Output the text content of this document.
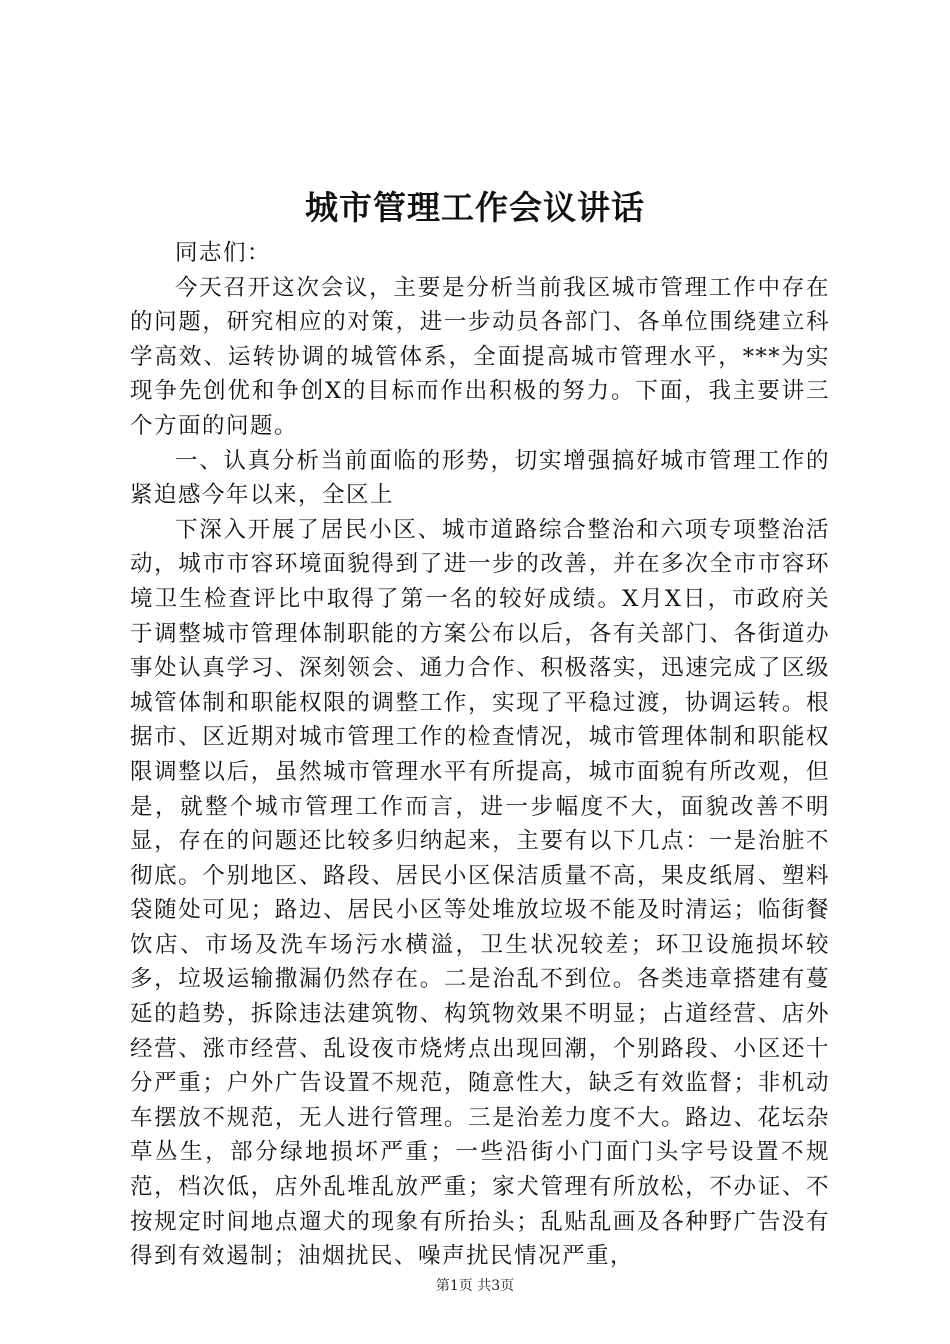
城市管理工作会议讲话

同志们：

今天召开这次会议，主要是分析当前我区城市管理工作中存在的问题，研究相应的对策，进一步动员各部门、各单位围绕建立科学高效、运转协调的城管体系，全面提高城市管理水平，***为实现争先创优和争创X的目标而作出积极的努力。下面，我主要讲三个方面的问题。

一、认真分析当前面临的形势，切实增强搞好城市管理工作的紧迫感今年以来，全区上

下深入开展了居民小区、城市道路综合整治和六项专项整治活动，城市市容环境面貌得到了进一步的改善，并在多次全市市容环境卫生检查评比中取得了第一名的较好成绩。X月X日，市政府关于调整城市管理体制职能的方案公布以后，各有关部门、各街道办事处认真学习、深刻领会、通力合作、积极落实，迅速完成了区级城管体制和职能权限的调整工作，实现了平稳过渡，协调运转。根据市、区近期对城市管理工作的检查情况，城市管理体制和职能权限调整以后，虽然城市管理水平有所提高，城市面貌有所改观，但是，就整个城市管理工作而言，进一步幅度不大，面貌改善不明显，存在的问题还比较多归纳起来，主要有以下几点：一是治脏不彻底。个别地区、路段、居民小区保洁质量不高，果皮纸屑、塑料袋随处可见；路边、居民小区等处堆放垃圾不能及时清运；临街餐饮店、市场及洗车场污水横溢，卫生状况较差；环卫设施损坏较多，垃圾运输撒漏仍然存在。二是治乱不到位。各类违章搭建有蔓延的趋势，拆除违法建筑物、构筑物效果不明显；占道经营、店外经营、涨市经营、乱设夜市烧烤点出现回潮，个别路段、小区还十分严重；户外广告设置不规范，随意性大，缺乏有效监督；非机动车摆放不规范，无人进行管理。三是治差力度不大。路边、花坛杂草丛生，部分绿地损坏严重；一些沿街小门面门头字号设置不规范，档次低，店外乱堆乱放严重；家犬管理有所放松，不办证、不按规定时间地点遛犬的现象有所抬头；乱贴乱画及各种野广告没有得到有效遏制；油烟扰民、噪声扰民情况严重，

第1页 共3页
